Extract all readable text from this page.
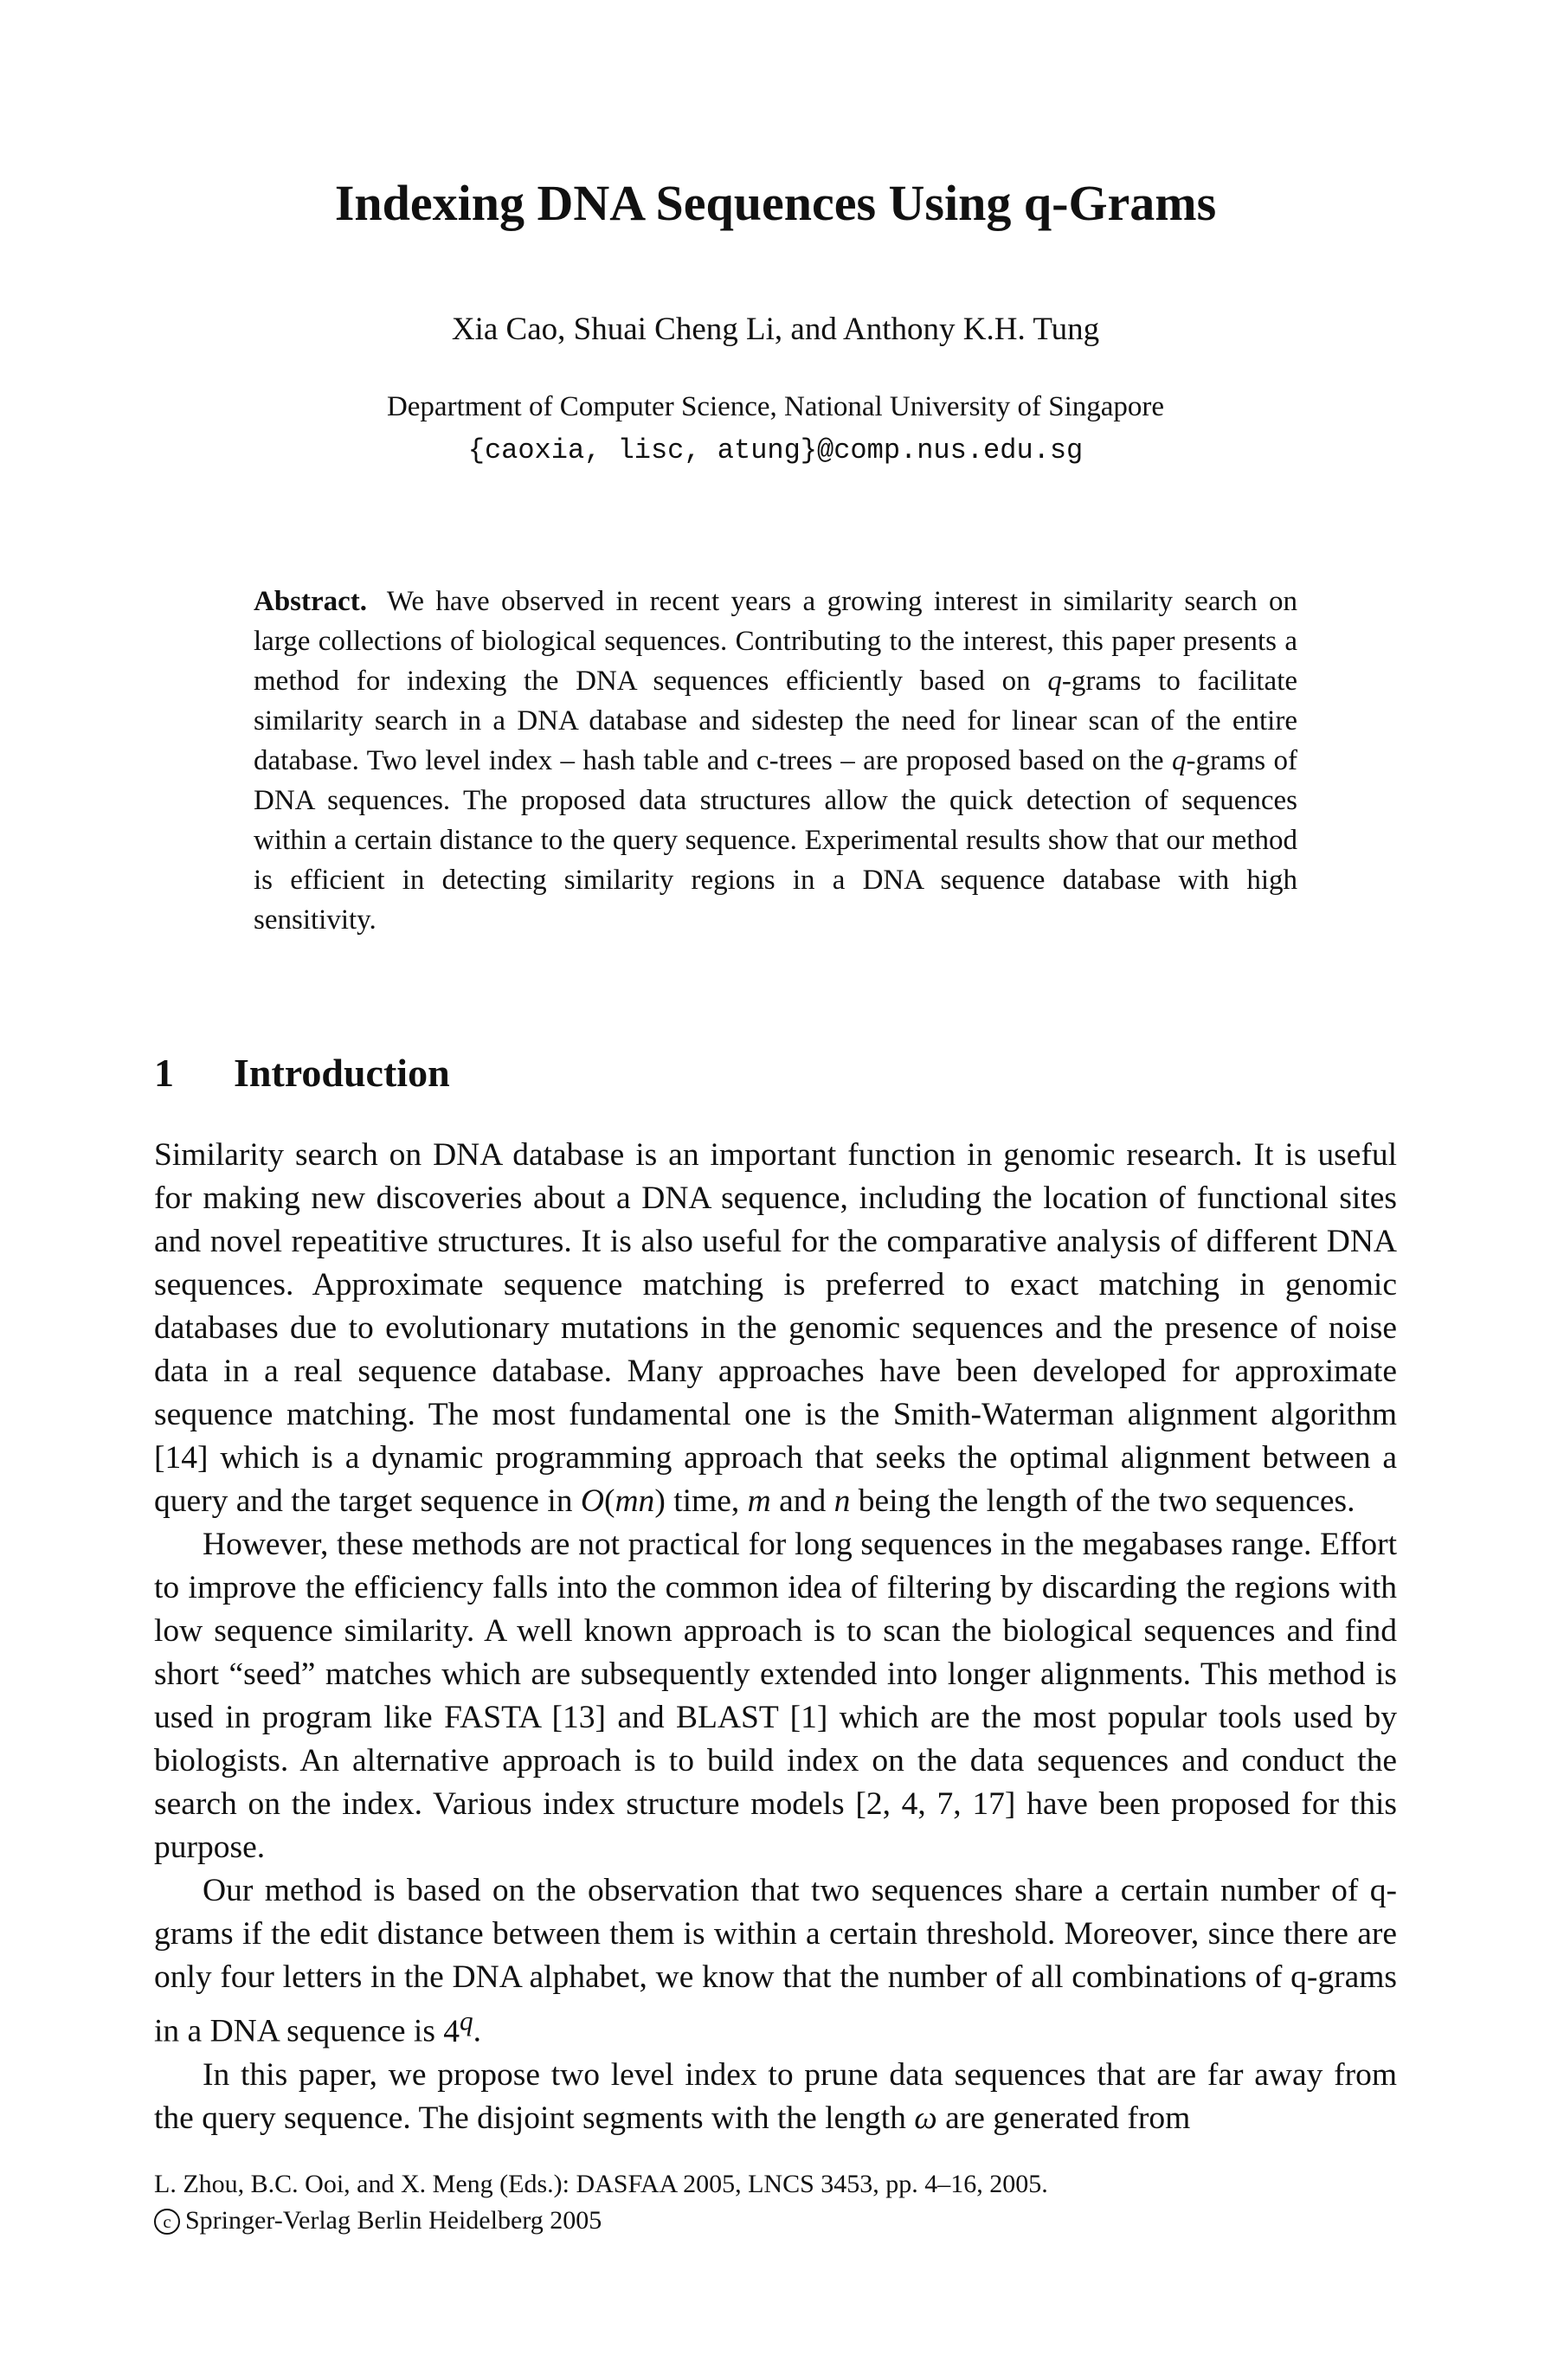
Indexing DNA Sequences Using q-Grams
Xia Cao, Shuai Cheng Li, and Anthony K.H. Tung
Department of Computer Science, National University of Singapore
{caoxia, lisc, atung}@comp.nus.edu.sg

Abstract. We have observed in recent years a growing interest in similarity search on large collections of biological sequences. Contributing to the interest, this paper presents a method for indexing the DNA sequences efficiently based on q-grams to facilitate similarity search in a DNA database and sidestep the need for linear scan of the entire database. Two level index – hash table and c-trees – are proposed based on the q-grams of DNA sequences. The proposed data structures allow the quick detection of sequences within a certain distance to the query sequence. Experimental results show that our method is efficient in detecting similarity regions in a DNA sequence database with high sensitivity.

1 Introduction

Similarity search on DNA database is an important function in genomic research. It is useful for making new discoveries about a DNA sequence, including the location of functional sites and novel repeatitive structures. It is also useful for the comparative analysis of different DNA sequences. Approximate sequence matching is preferred to exact matching in genomic databases due to evolutionary mutations in the genomic sequences and the presence of noise data in a real sequence database. Many approaches have been developed for approximate sequence matching. The most fundamental one is the Smith-Waterman alignment algorithm [14] which is a dynamic programming approach that seeks the optimal alignment between a query and the target sequence in O(mn) time, m and n being the length of the two sequences.

However, these methods are not practical for long sequences in the megabases range. Effort to improve the efficiency falls into the common idea of filtering by discarding the regions with low sequence similarity. A well known approach is to scan the biological sequences and find short “seed” matches which are subsequently extended into longer alignments. This method is used in program like FASTA [13] and BLAST [1] which are the most popular tools used by biologists. An alternative approach is to build index on the data sequences and conduct the search on the index. Various index structure models [2, 4, 7, 17] have been proposed for this purpose.

Our method is based on the observation that two sequences share a certain number of q-grams if the edit distance between them is within a certain threshold. Moreover, since there are only four letters in the DNA alphabet, we know that the number of all combinations of q-grams in a DNA sequence is 4$^q$.

In this paper, we propose two level index to prune data sequences that are far away from the query sequence. The disjoint segments with the length ω are generated from

L. Zhou, B.C. Ooi, and X. Meng (Eds.): DASFAA 2005, LNCS 3453, pp. 4–16, 2005.
c Springer-Verlag Berlin Heidelberg 2005
